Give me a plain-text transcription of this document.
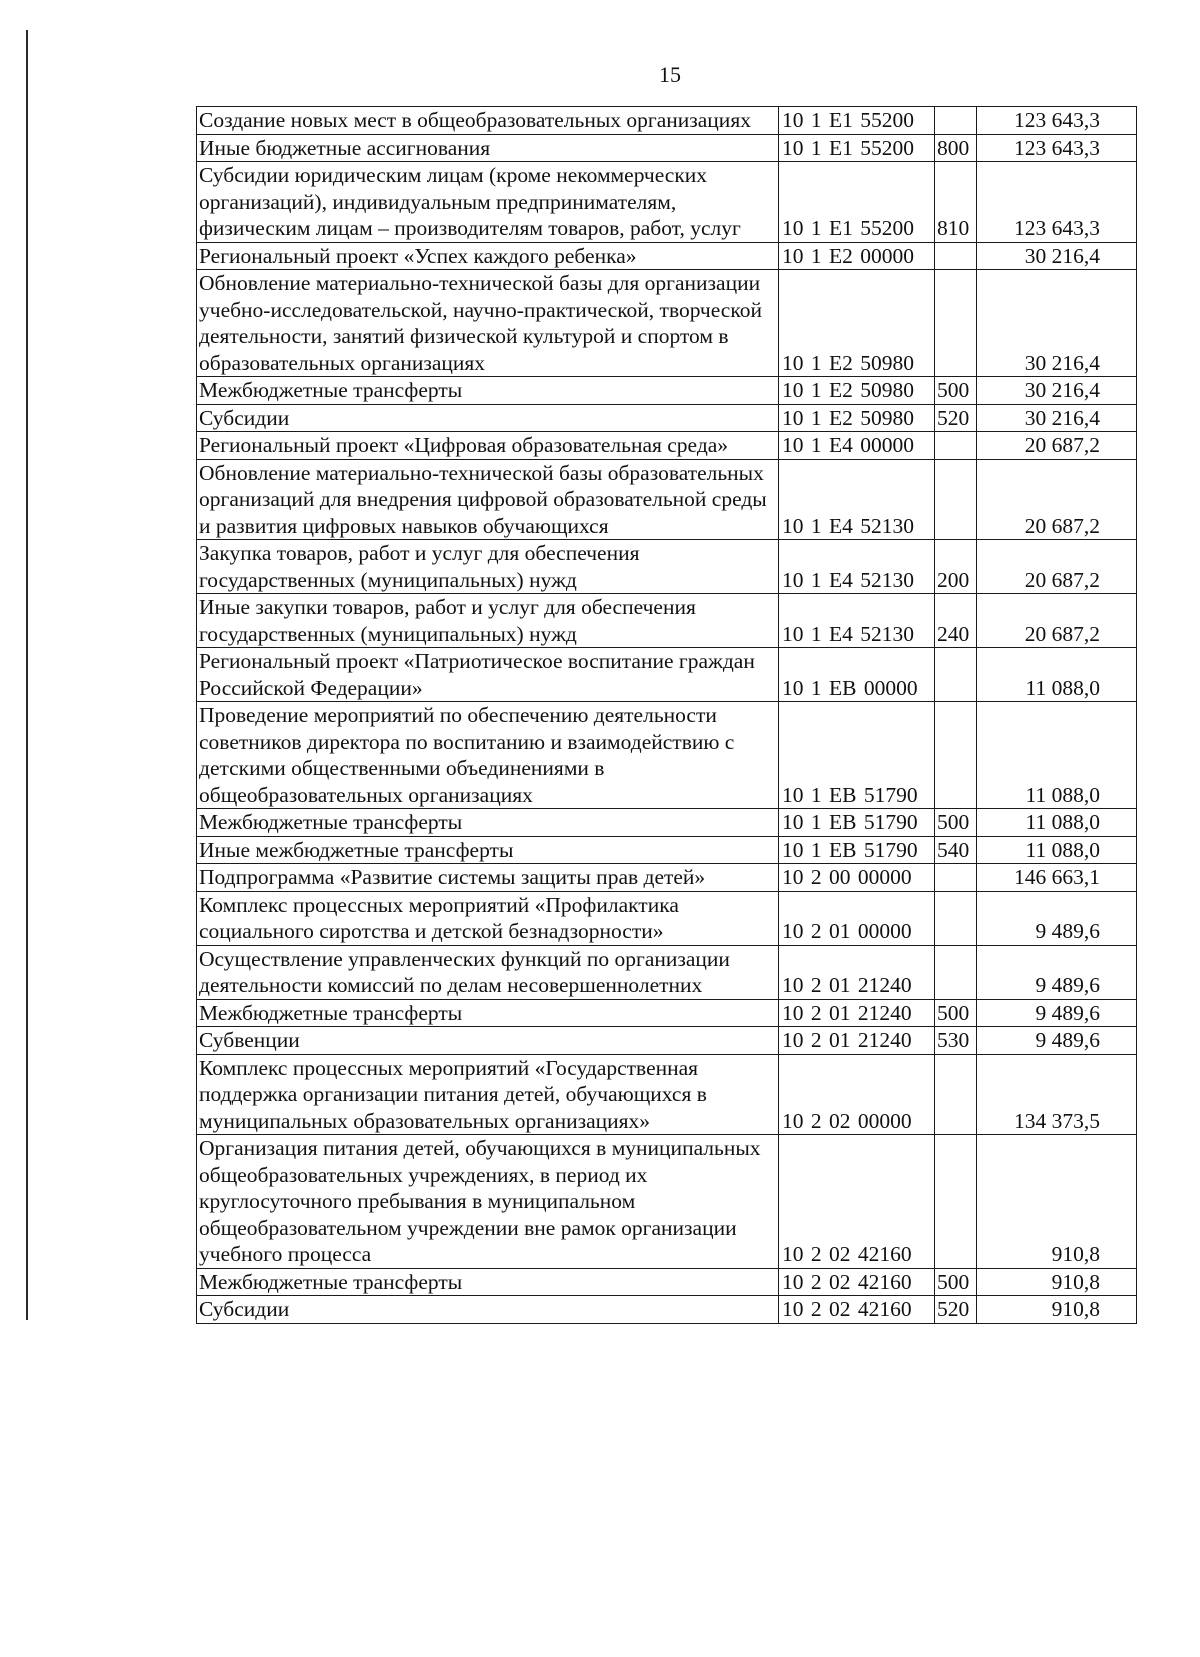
15
Создание новых мест в общеобразовательных организациях	10 1 E1 55200		123 643,3
Иные бюджетные ассигнования	10 1 E1 55200	800	123 643,3
Субсидии юридическим лицам (кроме некоммерческих организаций), индивидуальным предпринимателям, физическим лицам – производителям товаров, работ, услуг	10 1 E1 55200	810	123 643,3
Региональный проект «Успех каждого ребенка»	10 1 E2 00000		30 216,4
Обновление материально-технической базы для организации учебно-исследовательской, научно-практической, творческой деятельности, занятий физической культурой и спортом в образовательных организациях	10 1 E2 50980		30 216,4
Межбюджетные трансферты	10 1 E2 50980	500	30 216,4
Субсидии	10 1 E2 50980	520	30 216,4
Региональный проект «Цифровая образовательная среда»	10 1 E4 00000		20 687,2
Обновление материально-технической базы образовательных организаций для внедрения цифровой образовательной среды и развития цифровых навыков обучающихся	10 1 E4 52130		20 687,2
Закупка товаров, работ и услуг для обеспечения государственных (муниципальных) нужд	10 1 E4 52130	200	20 687,2
Иные закупки товаров, работ и услуг для обеспечения государственных (муниципальных) нужд	10 1 E4 52130	240	20 687,2
Региональный проект «Патриотическое воспитание граждан Российской Федерации»	10 1 EB 00000		11 088,0
Проведение мероприятий по обеспечению деятельности советников директора по воспитанию и взаимодействию с детскими общественными объединениями в общеобразовательных организациях	10 1 EB 51790		11 088,0
Межбюджетные трансферты	10 1 EB 51790	500	11 088,0
Иные межбюджетные трансферты	10 1 EB 51790	540	11 088,0
Подпрограмма «Развитие системы защиты прав детей»	10 2 00 00000		146 663,1
Комплекс процессных мероприятий «Профилактика социального сиротства и детской безнадзорности»	10 2 01 00000		9 489,6
Осуществление управленческих функций по организации деятельности комиссий по делам несовершеннолетних	10 2 01 21240		9 489,6
Межбюджетные трансферты	10 2 01 21240	500	9 489,6
Субвенции	10 2 01 21240	530	9 489,6
Комплекс процессных мероприятий «Государственная поддержка организации питания детей, обучающихся в муниципальных образовательных организациях»	10 2 02 00000		134 373,5
Организация питания детей, обучающихся в муниципальных общеобразовательных учреждениях, в период их круглосуточного пребывания в муниципальном общеобразовательном учреждении вне рамок организации учебного процесса	10 2 02 42160		910,8
Межбюджетные трансферты	10 2 02 42160	500	910,8
Субсидии	10 2 02 42160	520	910,8
